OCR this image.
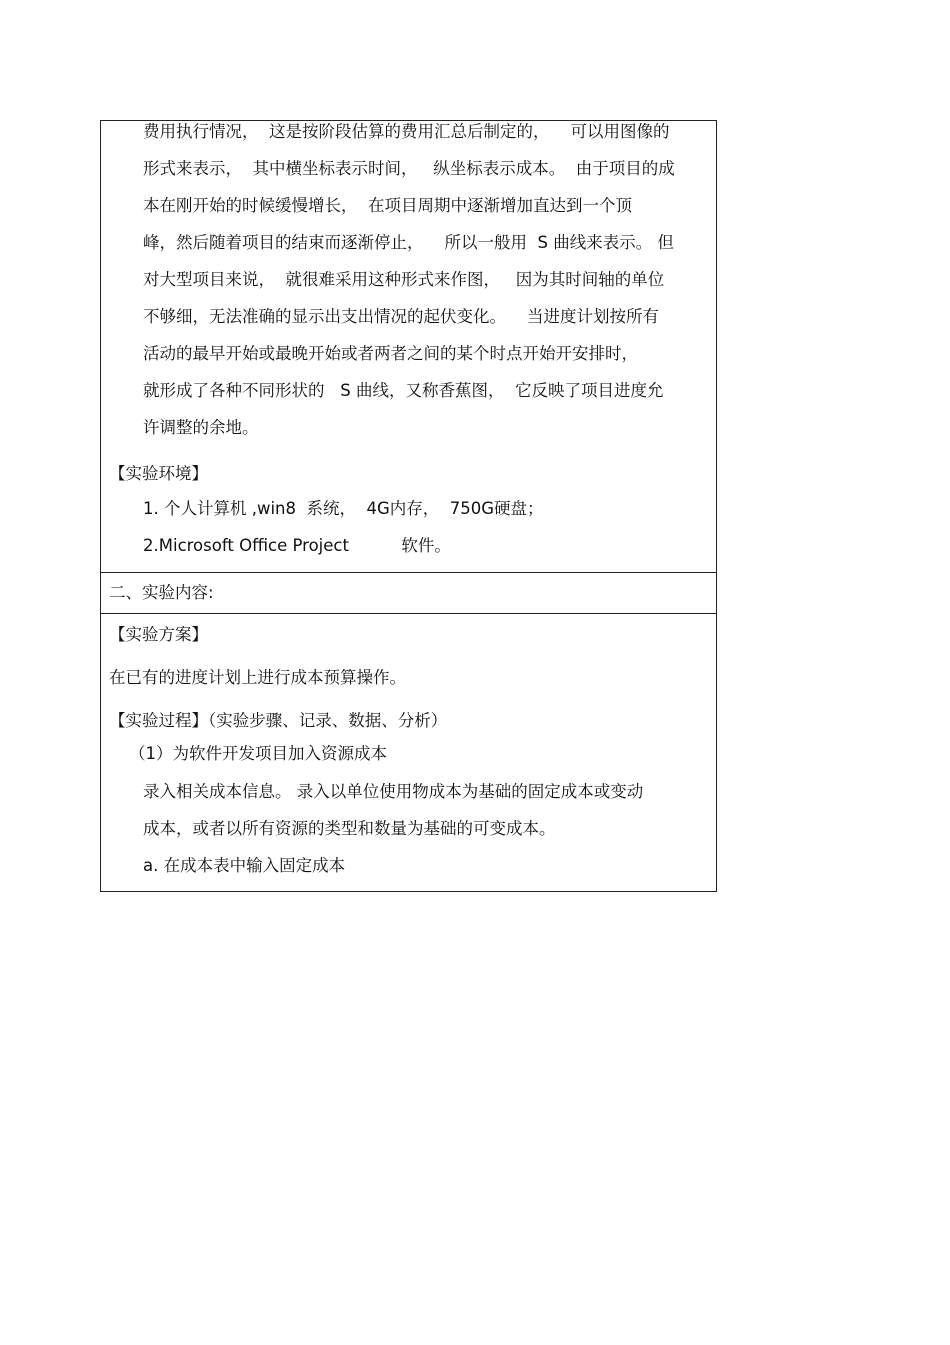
费用执行情况，  这是按阶段估算的费用汇总后制定的，    可以用图像的
形式来表示，  其中横坐标表示时间，   纵坐标表示成本。  由于项目的成
本在刚开始的时候缓慢增长，  在项目周期中逐渐增加直达到一个顶
峰，然后随着项目的结束而逐渐停止，    所以一般用  S 曲线来表示。 但
对大型项目来说，  就很难采用这种形式来作图，   因为其时间轴的单位
不够细，无法准确的显示出支出情况的起伏变化。    当进度计划按所有
活动的最早开始或最晚开始或者两者之间的某个时点开始开安排时，
就形成了各种不同形状的   S 曲线，又称香蕉图，  它反映了项目进度允
许调整的余地。
【实验环境】
1. 个人计算机 ,win8  系统，  4G内存，  750G硬盘；
2.Microsoft Office Project          软件。
二、实验内容:
【实验方案】
在已有的进度计划上进行成本预算操作。
【实验过程】（实验步骤、记录、数据、分析）
（1）为软件开发项目加入资源成本
录入相关成本信息。 录入以单位使用物成本为基础的固定成本或变动
成本，或者以所有资源的类型和数量为基础的可变成本。
a. 在成本表中输入固定成本
